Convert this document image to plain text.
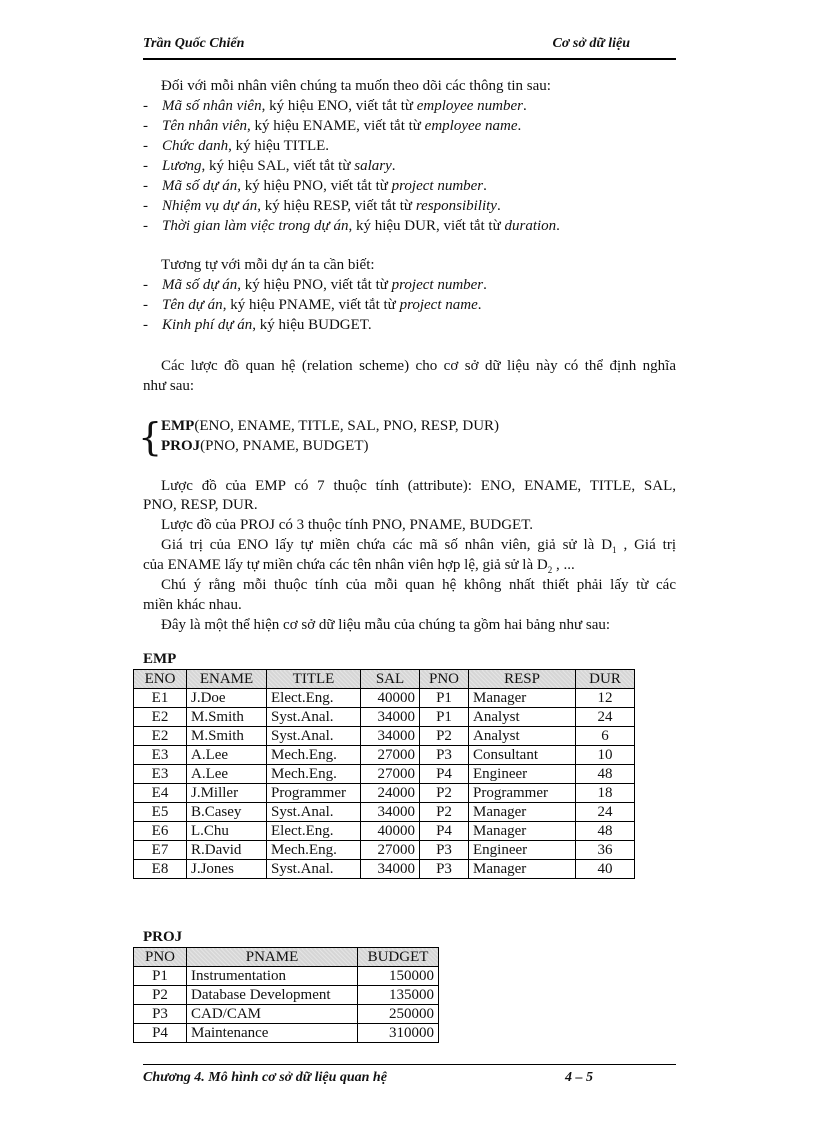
Trần Quốc Chiến	Cơ sở dữ liệu
Đối với mỗi nhân viên chúng ta muốn theo dõi các thông tin sau:
- Mã số nhân viên, ký hiệu ENO, viết tắt từ employee number.
- Tên nhân viên, ký hiệu ENAME, viết tắt từ employee name.
- Chức danh, ký hiệu TITLE.
- Lương, ký hiệu SAL, viết tắt từ salary.
- Mã số dự án, ký hiệu PNO, viết tắt từ project number.
- Nhiệm vụ dự án, ký hiệu RESP, viết tắt từ responsibility.
- Thời gian làm việc trong dự án, ký hiệu DUR, viết tắt từ duration.
Tương tự với mỗi dự án ta cần biết:
- Mã số dự án, ký hiệu PNO, viết tắt từ project number.
- Tên dự án, ký hiệu PNAME, viết tắt từ project name.
- Kinh phí dự án, ký hiệu BUDGET.
Các lược đồ quan hệ (relation scheme) cho cơ sở dữ liệu này có thể định nghĩa
như sau:
EMP(ENO, ENAME, TITLE, SAL, PNO, RESP, DUR)
PROJ(PNO, PNAME, BUDGET)
Lược đồ của EMP có 7 thuộc tính (attribute): ENO, ENAME, TITLE, SAL,
PNO, RESP, DUR.
Lược đồ của PROJ có 3 thuộc tính PNO, PNAME, BUDGET.
Giá trị của ENO lấy tự miền chứa các mã số nhân viên, giả sử là $D_1$ , Giá trị
của ENAME lấy tự miền chứa các tên nhân viên hợp lệ, giả sử là $D_2$ , ...
Chú ý rằng mỗi thuộc tính của mỗi quan hệ không nhất thiết phải lấy từ các
miền khác nhau.
Đây là một thể hiện cơ sở dữ liệu mẫu của chúng ta gồm hai bảng như sau:
{
EMP
ENO	ENAME	TITLE	SAL	PNO	RESP	DUR
E1	J.Doe	Elect.Eng.	40000	P1	Manager	12
E2	M.Smith	Syst.Anal.	34000	P1	Analyst	24
E2	M.Smith	Syst.Anal.	34000	P2	Analyst	6
E3	A.Lee	Mech.Eng.	27000	P3	Consultant	10
E3	A.Lee	Mech.Eng.	27000	P4	Engineer	48
E4	J.Miller	Programmer	24000	P2	Programmer	18
E5	B.Casey	Syst.Anal.	34000	P2	Manager	24
E6	L.Chu	Elect.Eng.	40000	P4	Manager	48
E7	R.David	Mech.Eng.	27000	P3	Engineer	36
E8	J.Jones	Syst.Anal.	34000	P3	Manager	40
PROJ
PNO	PNAME	BUDGET
P1	Instrumentation	150000
P2	Database Development	135000
P3	CAD/CAM	250000
P4	Maintenance	310000
Chương 4. Mô hình cơ sở dữ liệu quan hệ	4 – 5
